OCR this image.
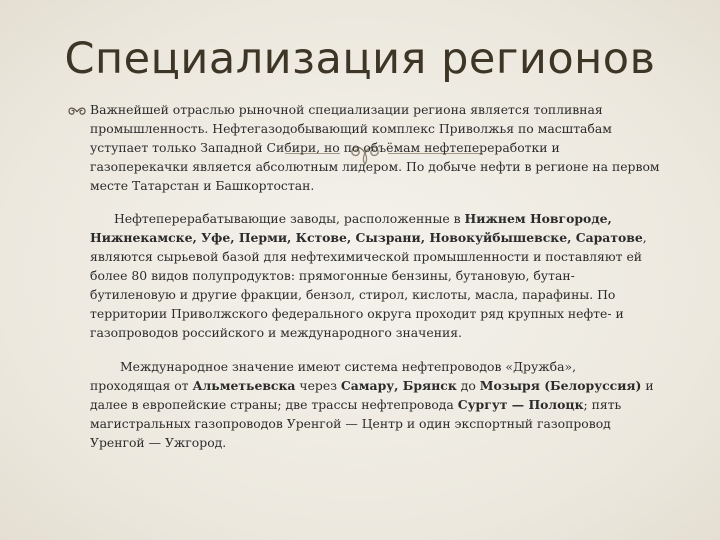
Специализация регионов

Важнейшей отраслью рыночной специализации региона является топливная промышленность. Нефтегазодобывающий комплекс Приволжья по масштабам уступает только Западной Сибири, но по объёмам нефтепереработки и газоперекачки является абсолютным лидером. По добыче нефти в регионе на первом месте Татарстан и Башкортостан.

Нефтеперерабатывающие заводы, расположенные в Нижнем Новгороде, Нижнекамске, Уфе, Перми, Кстове, Сызрани, Новокуйбышевске, Саратове, являются сырьевой базой для нефтехимической промышленности и поставляют ей более 80 видов полупродуктов: прямогонные бензины, бутановую, бутан-бутиленовую и другие фракции, бензол, стирол, кислоты, масла, парафины. По территории Приволжского федерального округа проходит ряд крупных нефте- и газопроводов российского и международного значения.

Международное значение имеют система нефтепроводов «Дружба», проходящая от Альметьевска через Самару, Брянск до Мозыря (Белоруссия) и далее в европейские страны; две трассы нефтепровода Сургут — Полоцк; пять магистральных газопроводов Уренгой — Центр и один экспортный газопровод Уренгой — Ужгород.
